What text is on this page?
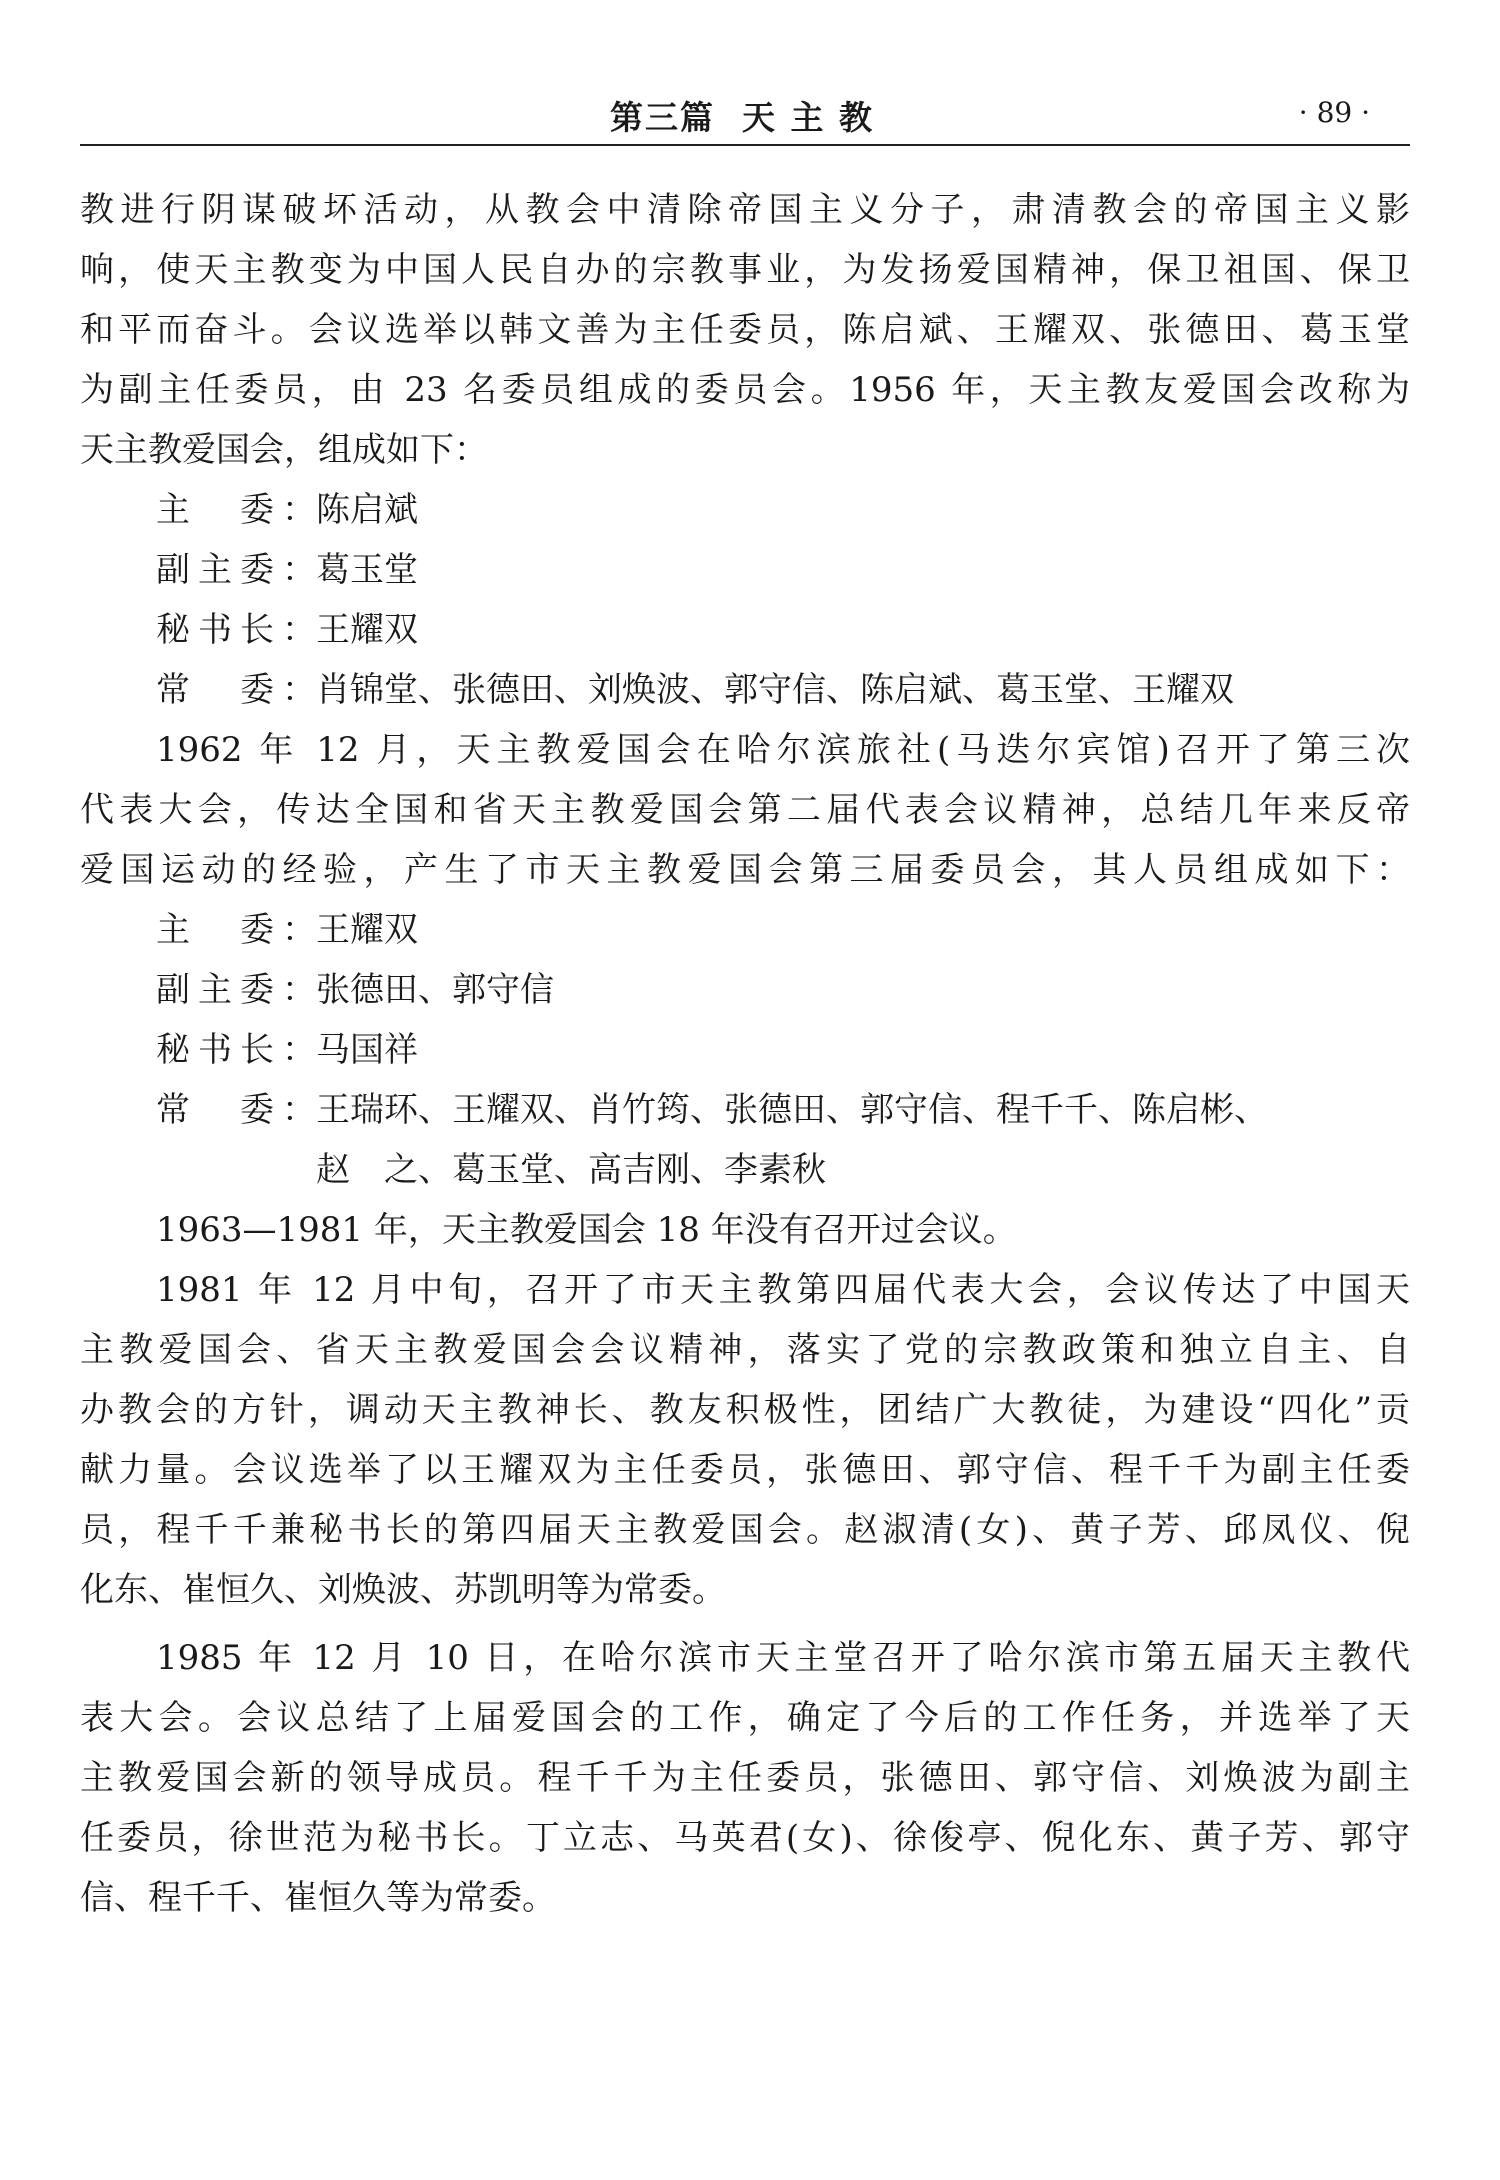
第三篇  天 主 教	· 89 ·
教进行阴谋破坏活动，从教会中清除帝国主义分子，肃清教会的帝国主义影
响，使天主教变为中国人民自办的宗教事业，为发扬爱国精神，保卫祖国、保卫
和平而奋斗。会议选举以韩文善为主任委员，陈启斌、王耀双、张德田、葛玉堂
为副主任委员，由 23 名委员组成的委员会。1956 年，天主教友爱国会改称为
天主教爱国会，组成如下：
主　委：陈启斌
副主委：葛玉堂
秘书长：王耀双
常　委：肖锦堂、张德田、刘焕波、郭守信、陈启斌、葛玉堂、王耀双
1962 年 12 月，天主教爱国会在哈尔滨旅社(马迭尔宾馆)召开了第三次
代表大会，传达全国和省天主教爱国会第二届代表会议精神，总结几年来反帝
爱国运动的经验，产生了市天主教爱国会第三届委员会，其人员组成如下：
主　委：王耀双
副主委：张德田、郭守信
秘书长：马国祥
常　委：王瑞环、王耀双、肖竹筠、张德田、郭守信、程千千、陈启彬、
赵　之、葛玉堂、高吉刚、李素秋
1963—1981 年，天主教爱国会 18 年没有召开过会议。
1981 年 12 月中旬，召开了市天主教第四届代表大会，会议传达了中国天
主教爱国会、省天主教爱国会会议精神，落实了党的宗教政策和独立自主、自
办教会的方针，调动天主教神长、教友积极性，团结广大教徒，为建设“四化”贡
献力量。会议选举了以王耀双为主任委员，张德田、郭守信、程千千为副主任委
员，程千千兼秘书长的第四届天主教爱国会。赵淑清(女)、黄子芳、邱凤仪、倪
化东、崔恒久、刘焕波、苏凯明等为常委。
1985 年 12 月 10 日，在哈尔滨市天主堂召开了哈尔滨市第五届天主教代
表大会。会议总结了上届爱国会的工作，确定了今后的工作任务，并选举了天
主教爱国会新的领导成员。程千千为主任委员，张德田、郭守信、刘焕波为副主
任委员，徐世范为秘书长。丁立志、马英君(女)、徐俊亭、倪化东、黄子芳、郭守
信、程千千、崔恒久等为常委。
